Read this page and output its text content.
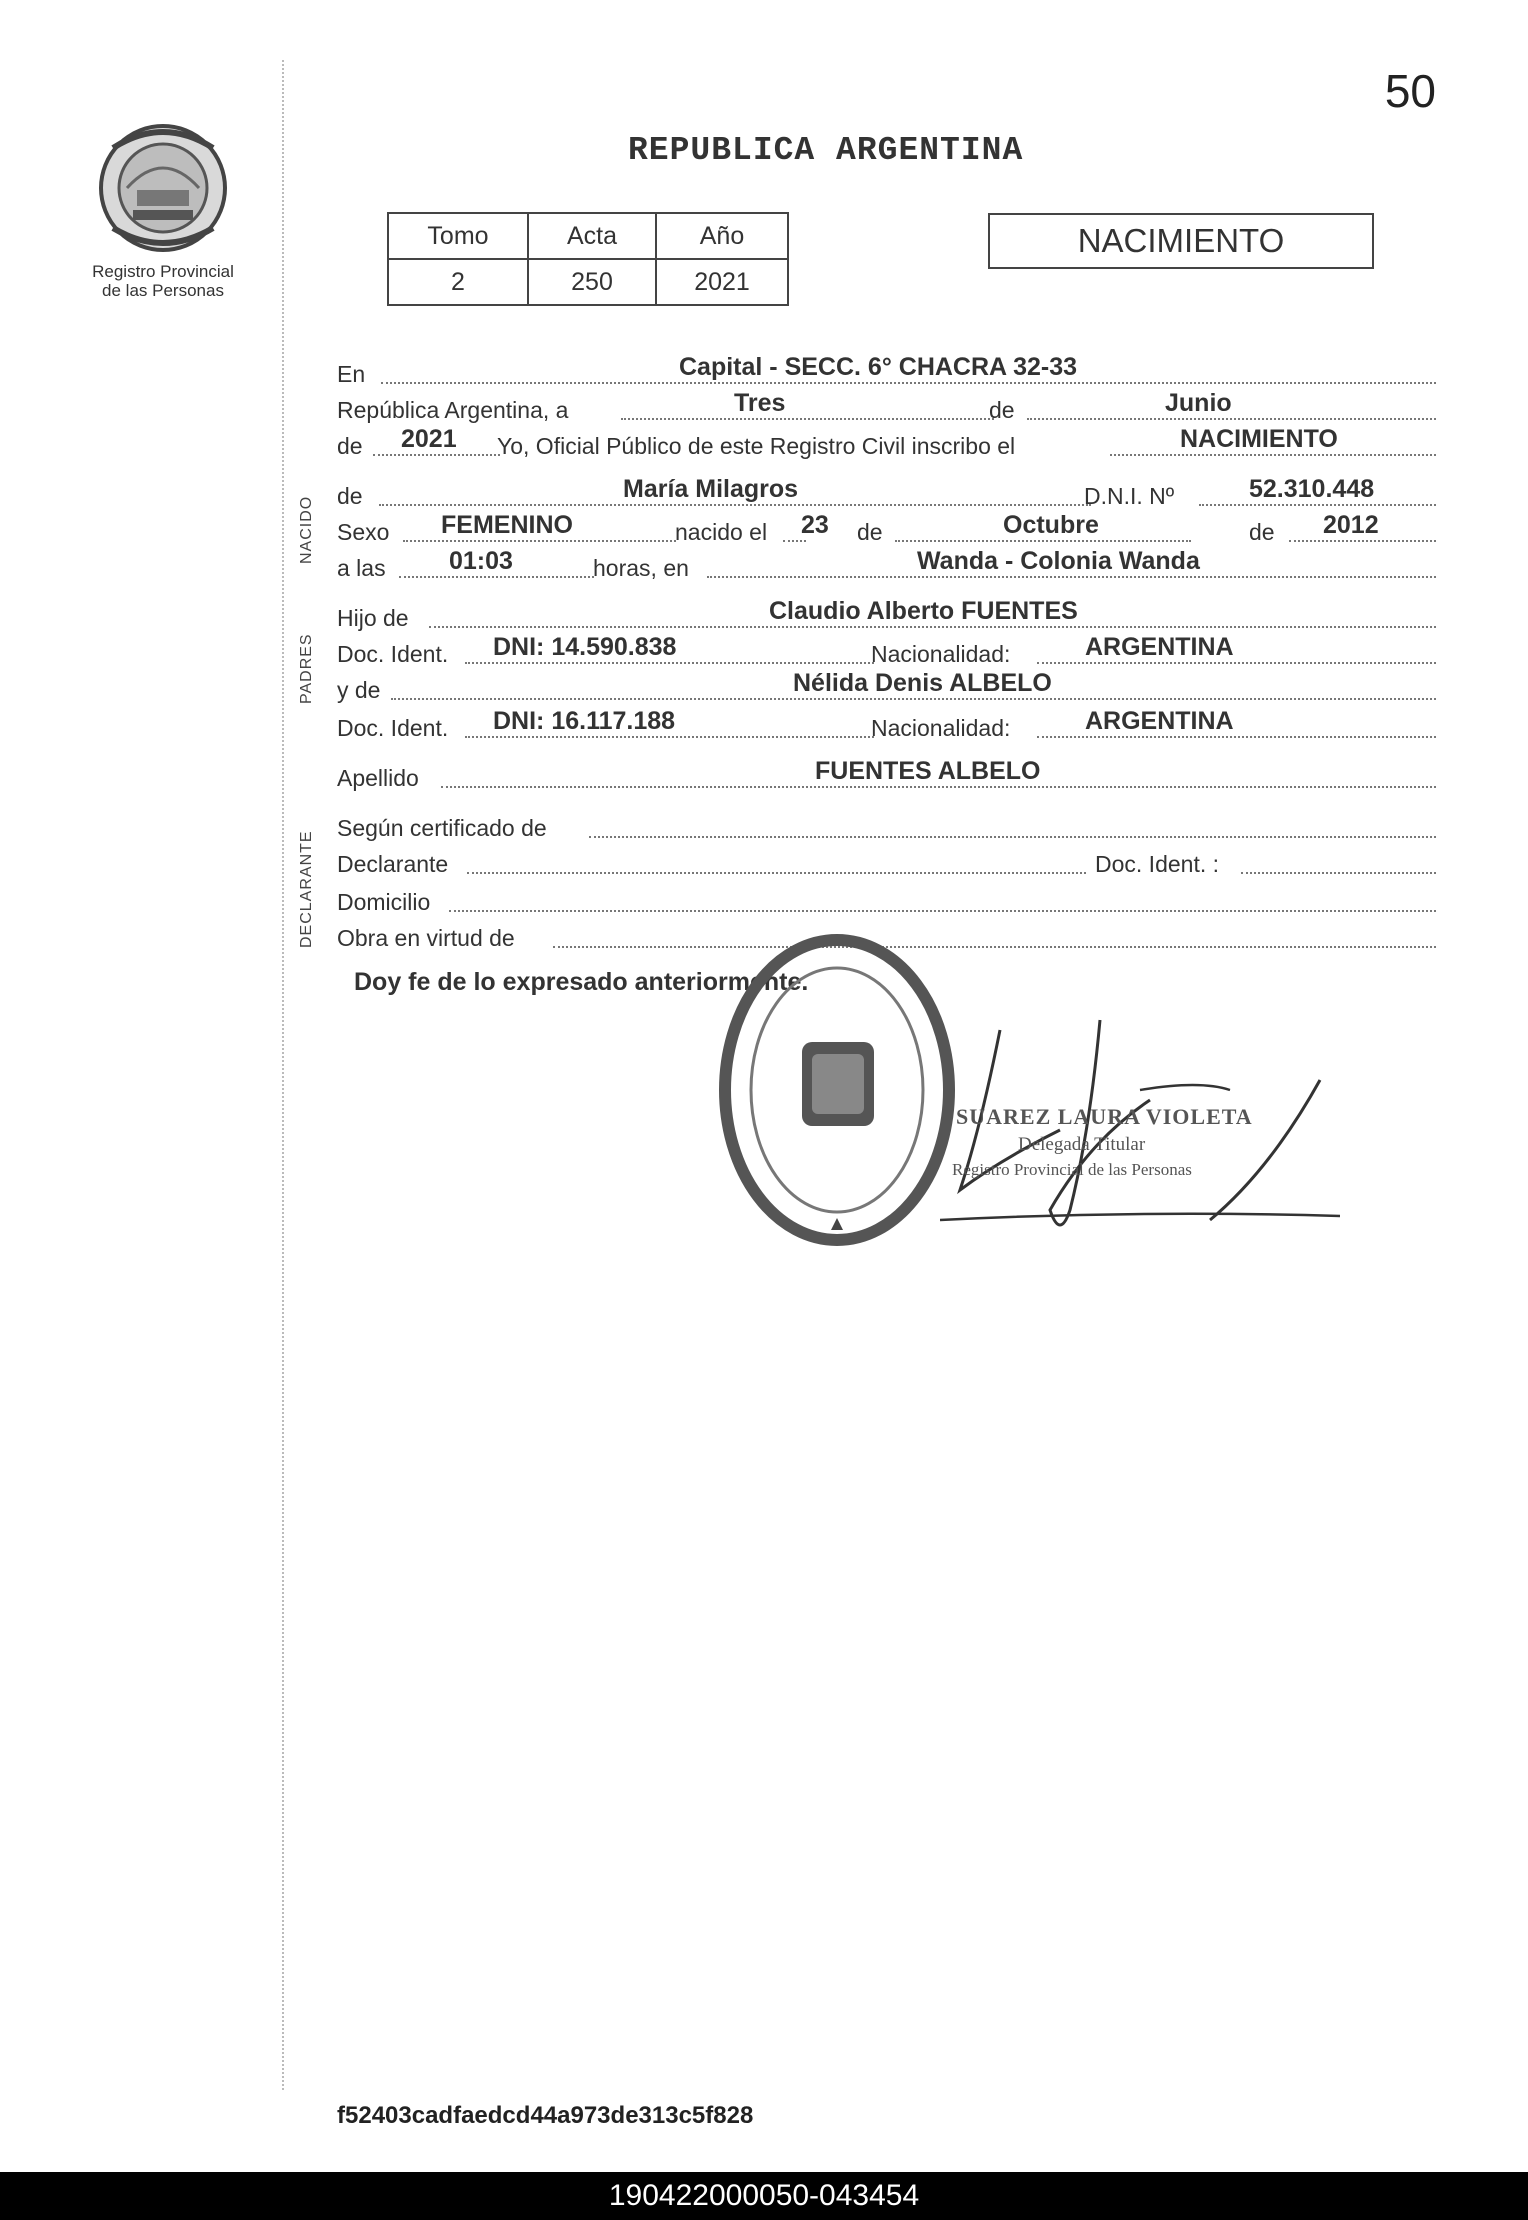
50
Registro Provincial
de las Personas
REPUBLICA ARGENTINA
Tomo	Acta	Año
2	250	2021
NACIMIENTO
NACIDO
PADRES
DECLARANTE
En	Capital - SECC. 6° CHACRA 32-33
República Argentina, a	Tres	de	Junio
de 2021 Yo, Oficial Público de este Registro Civil inscribo el	NACIMIENTO
de	María Milagros	D.N.I. Nº	52.310.448
Sexo FEMENINO	nacido el 23 de	Octubre	de 2012
a las	01:03	horas, en	Wanda - Colonia Wanda
Hijo de	Claudio Alberto FUENTES
Doc. Ident. DNI: 14.590.838	Nacionalidad:	ARGENTINA
y de	Nélida Denis ALBELO
Doc. Ident. DNI: 16.117.188	Nacionalidad:	ARGENTINA
Apellido	FUENTES ALBELO
Según certificado de
Declarante	Doc. Ident. :
Domicilio
Obra en virtud de
Doy fe de lo expresado anteriormente.
SUAREZ LAURA VIOLETA
Delegada Titular
Registro Provincial de las Personas
f52403cadfaedcd44a973de313c5f828
190422000050-043454
